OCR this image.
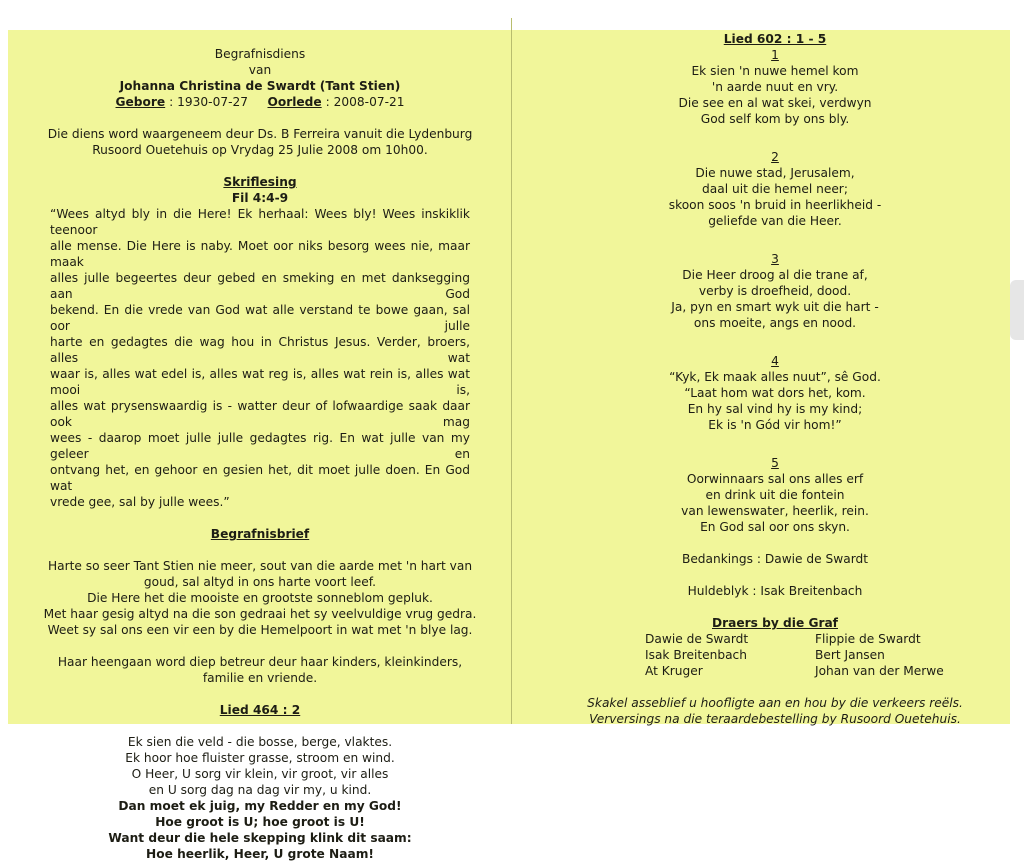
Begrafnisdiens
van
Johanna Christina de Swardt (Tant Stien)
Gebore : 1930-07-27 Oorlede : 2008-07-21
Die diens word waargeneem deur Ds. B Ferreira vanuit die Lydenburg
Rusoord Ouetehuis op Vrydag 25 Julie 2008 om 10h00.
Skriflesing
Fil 4:4-9
“Wees altyd bly in die Here! Ek herhaal: Wees bly! Wees inskiklik teenoor
alle mense. Die Here is naby. Moet oor niks besorg wees nie, maar maak
alles julle begeertes deur gebed en smeking en met danksegging aan God
bekend. En die vrede van God wat alle verstand te bowe gaan, sal oor julle
harte en gedagtes die wag hou in Christus Jesus. Verder, broers, alles wat
waar is, alles wat edel is, alles wat reg is, alles wat rein is, alles wat mooi is,
alles wat prysenswaardig is - watter deur of lofwaardige saak daar ook mag
wees - daarop moet julle julle gedagtes rig. En wat julle van my geleer en
ontvang het, en gehoor en gesien het, dit moet julle doen. En God wat
vrede gee, sal by julle wees.”
Begrafnisbrief
Harte so seer Tant Stien nie meer, sout van die aarde met 'n hart van
goud, sal altyd in ons harte voort leef.
Die Here het die mooiste en grootste sonneblom gepluk.
Met haar gesig altyd na die son gedraai het sy veelvuldige vrug gedra.
Weet sy sal ons een vir een by die Hemelpoort in wat met 'n blye lag.
Haar heengaan word diep betreur deur haar kinders, kleinkinders,
familie en vriende.
Lied 464 : 2
Ek sien die veld - die bosse, berge, vlaktes.
Ek hoor hoe fluister grasse, stroom en wind.
O Heer, U sorg vir klein, vir groot, vir alles
en U sorg dag na dag vir my, u kind.
Dan moet ek juig, my Redder en my God!
Hoe groot is U; hoe groot is U!
Want deur die hele skepping klink dit saam:
Hoe heerlik, Heer, U grote Naam!
Lied 602 : 1 - 5
1
Ek sien 'n nuwe hemel kom
'n aarde nuut en vry.
Die see en al wat skei, verdwyn
God self kom by ons bly.
2
Die nuwe stad, Jerusalem,
daal uit die hemel neer;
skoon soos 'n bruid in heerlikheid -
geliefde van die Heer.
3
Die Heer droog al die trane af,
verby is droefheid, dood.
Ja, pyn en smart wyk uit die hart -
ons moeite, angs en nood.
4
“Kyk, Ek maak alles nuut”, sê God.
“Laat hom wat dors het, kom.
En hy sal vind hy is my kind;
Ek is 'n Gód vir hom!”
5
Oorwinnaars sal ons alles erf
en drink uit die fontein
van lewenswater, heerlik, rein.
En God sal oor ons skyn.
Bedankings : Dawie de Swardt
Huldeblyk : Isak Breitenbach
Draers by die Graf
Dawie de Swardt	Flippie de Swardt
Isak Breitenbach	Bert Jansen
At Kruger	Johan van der Merwe
Skakel asseblief u hoofligte aan en hou by die verkeers reëls.
Verversings na die teraardebestelling by Rusoord Ouetehuis.
